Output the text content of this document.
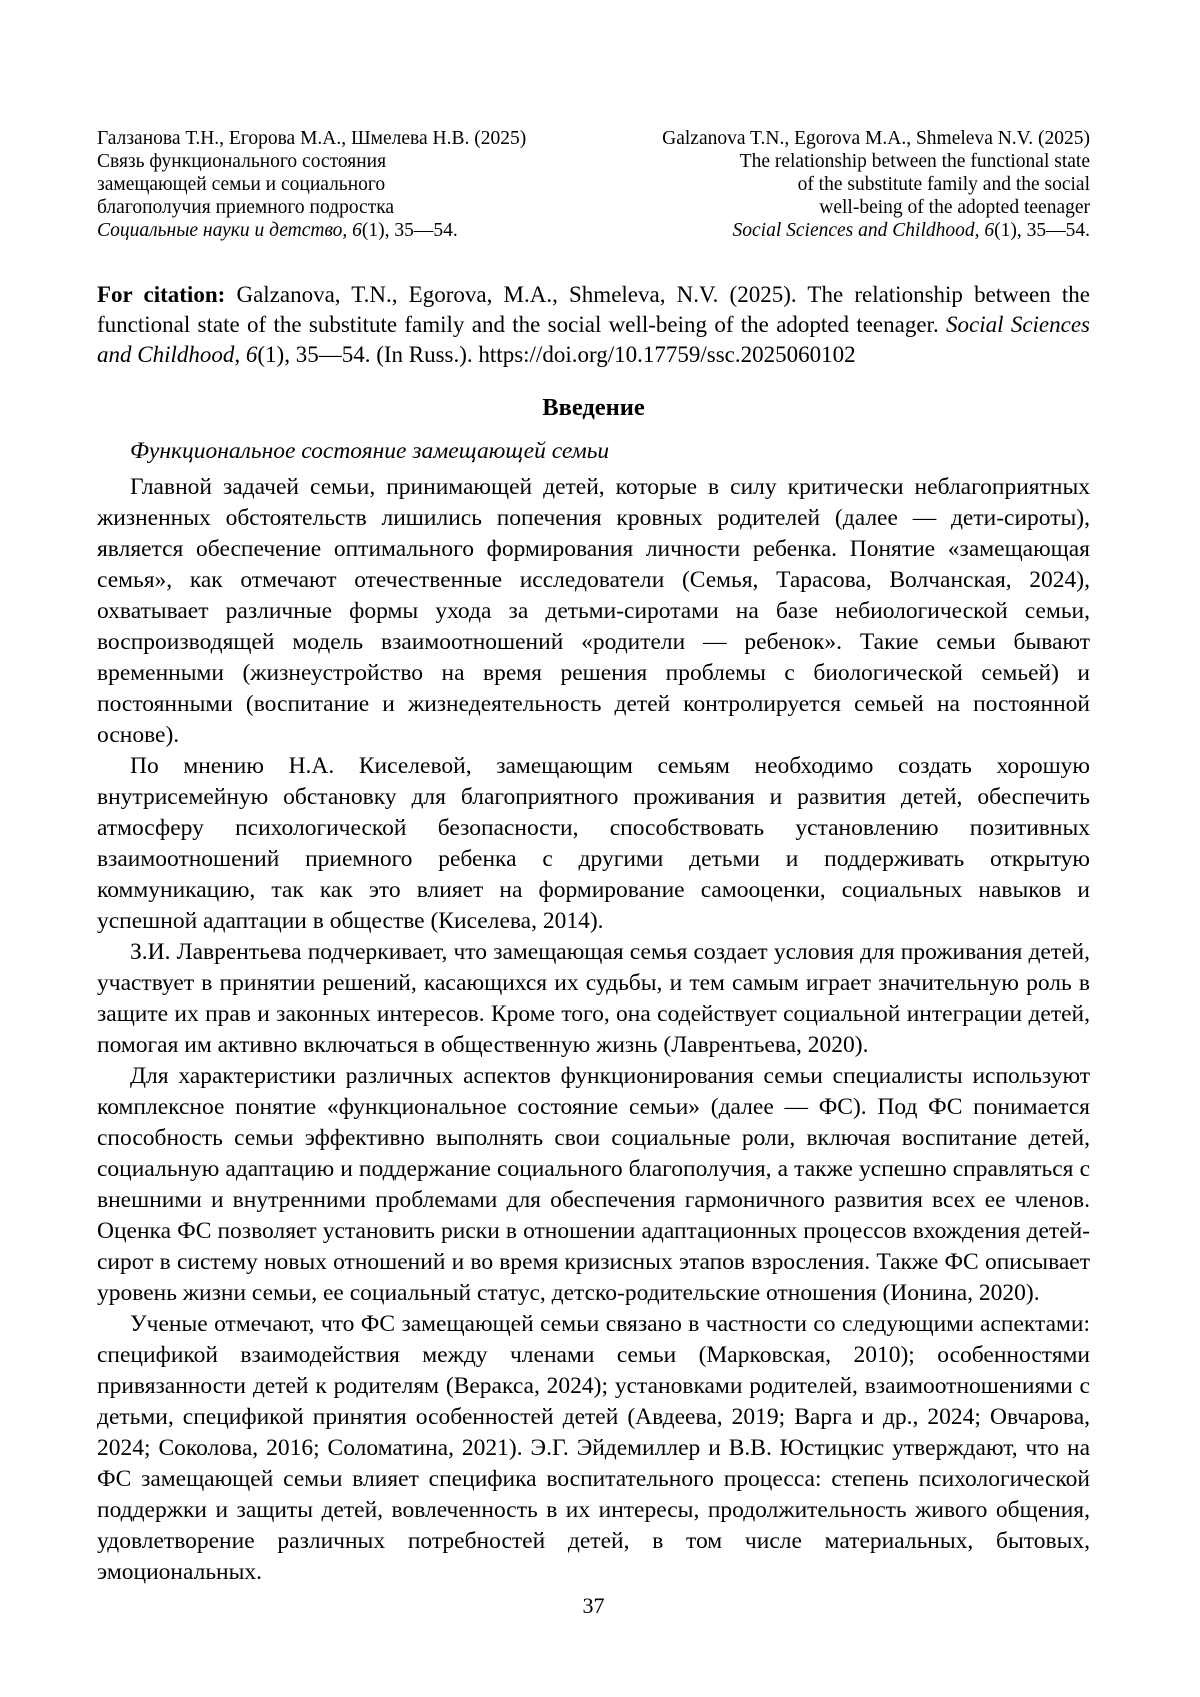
Галзанова Т.Н., Егорова М.А., Шмелева Н.В. (2025)
Связь функционального состояния
замещающей семьи и социального
благополучия приемного подростка
Социальные науки и детство, 6(1), 35—54.
Galzanova T.N., Egorova M.A., Shmeleva N.V. (2025)
The relationship between the functional state
of the substitute family and the social
well-being of the adopted teenager
Social Sciences and Childhood, 6(1), 35—54.

For citation: Galzanova, T.N., Egorova, M.A., Shmeleva, N.V. (2025). The relationship between the functional state of the substitute family and the social well-being of the adopted teenager. Social Sciences and Childhood, 6(1), 35—54. (In Russ.). https://doi.org/10.17759/ssc.2025060102

Введение

Функциональное состояние замещающей семьи

Главной задачей семьи, принимающей детей, которые в силу критически неблагоприятных жизненных обстоятельств лишились попечения кровных родителей (далее — дети-сироты), является обеспечение оптимального формирования личности ребенка. Понятие «замещающая семья», как отмечают отечественные исследователи (Семья, Тарасова, Волчанская, 2024), охватывает различные формы ухода за детьми-сиротами на базе небиологической семьи, воспроизводящей модель взаимоотношений «родители — ребенок». Такие семьи бывают временными (жизнеустройство на время решения проблемы с биологической семьей) и постоянными (воспитание и жизнедеятельность детей контролируется семьей на постоянной основе).

По мнению Н.А. Киселевой, замещающим семьям необходимо создать хорошую внутрисемейную обстановку для благоприятного проживания и развития детей, обеспечить атмосферу психологической безопасности, способствовать установлению позитивных взаимоотношений приемного ребенка с другими детьми и поддерживать открытую коммуникацию, так как это влияет на формирование самооценки, социальных навыков и успешной адаптации в обществе (Киселева, 2014).

З.И. Лаврентьева подчеркивает, что замещающая семья создает условия для проживания детей, участвует в принятии решений, касающихся их судьбы, и тем самым играет значительную роль в защите их прав и законных интересов. Кроме того, она содействует социальной интеграции детей, помогая им активно включаться в общественную жизнь (Лаврентьева, 2020).

Для характеристики различных аспектов функционирования семьи специалисты используют комплексное понятие «функциональное состояние семьи» (далее — ФС). Под ФС понимается способность семьи эффективно выполнять свои социальные роли, включая воспитание детей, социальную адаптацию и поддержание социального благополучия, а также успешно справляться с внешними и внутренними проблемами для обеспечения гармоничного развития всех ее членов. Оценка ФС позволяет установить риски в отношении адаптационных процессов вхождения детей-сирот в систему новых отношений и во время кризисных этапов взросления. Также ФС описывает уровень жизни семьи, ее социальный статус, детско-родительские отношения (Ионина, 2020).

Ученые отмечают, что ФС замещающей семьи связано в частности со следующими аспектами: спецификой взаимодействия между членами семьи (Марковская, 2010); особенностями привязанности детей к родителям (Веракса, 2024); установками родителей, взаимоотношениями с детьми, спецификой принятия особенностей детей (Авдеева, 2019; Варга и др., 2024; Овчарова, 2024; Соколова, 2016; Соломатина, 2021). Э.Г. Эйдемиллер и В.В. Юстицкис утверждают, что на ФС замещающей семьи влияет специфика воспитательного процесса: степень психологической поддержки и защиты детей, вовлеченность в их интересы, продолжительность живого общения, удовлетворение различных потребностей детей, в том числе материальных, бытовых, эмоциональных.

37
